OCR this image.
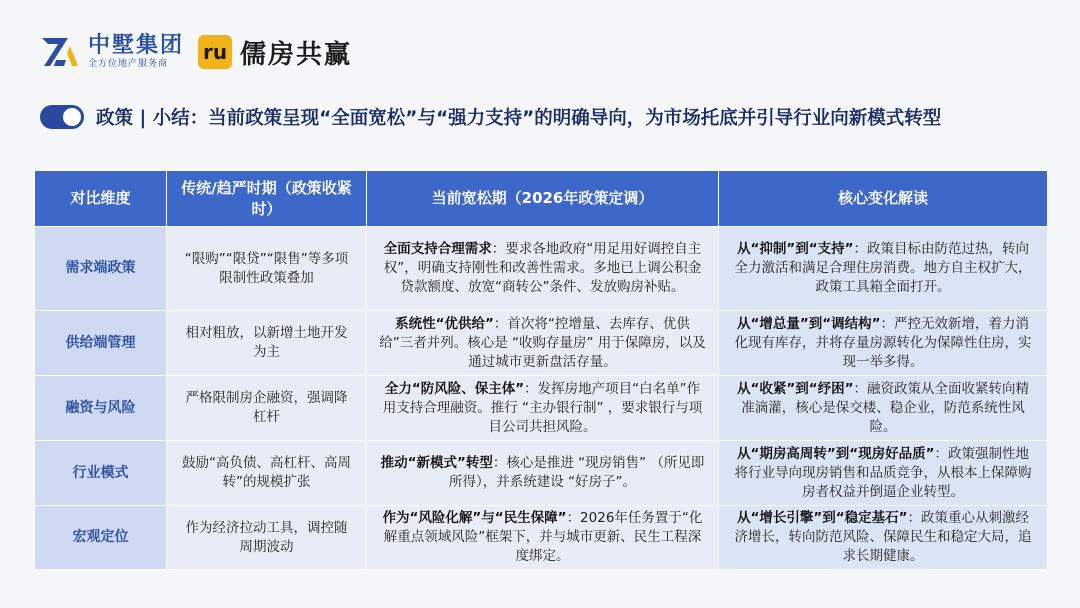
中墅集团
全方位地产服务商	ru 儒房共赢
政策 | 小结：当前政策呈现“全面宽松”与“强力支持”的明确导向，为市场托底并引导行业向新模式转型
对比维度	传统/趋严时期（政策收紧时）	当前宽松期（2026年政策定调）	核心变化解读
需求端政策	“限购”“限贷”“限售”等多项限制性政策叠加	全面支持合理需求：要求各地政府“用足用好调控自主权”，明确支持刚性和改善性需求。多地已上调公积金贷款额度、放宽“商转公”条件、发放购房补贴。	从“抑制”到“支持”：政策目标由防范过热，转向全力激活和满足合理住房消费。地方自主权扩大，政策工具箱全面打开。
供给端管理	相对粗放，以新增土地开发为主	系统性“优供给”：首次将“控增量、去库存、优供给”三者并列。核心是 “收购存量房” 用于保障房，以及通过城市更新盘活存量。	从“增总量”到“调结构”：严控无效新增，着力消化现有库存，并将存量房源转化为保障性住房，实现一举多得。
融资与风险	严格限制房企融资，强调降杠杆	全力“防风险、保主体”：发挥房地产项目“白名单”作用支持合理融资。推行 “主办银行制” ，要求银行与项目公司共担风险。	从“收紧”到“纾困”：融资政策从全面收紧转向精准滴灌，核心是保交楼、稳企业，防范系统性风险。
行业模式	鼓励“高负债、高杠杆、高周转”的规模扩张	推动“新模式”转型：核心是推进 “现房销售” （所见即所得），并系统建设 “好房子”。	从“期房高周转”到“现房好品质”：政策强制性地将行业导向现房销售和品质竞争，从根本上保障购房者权益并倒逼企业转型。
宏观定位	作为经济拉动工具，调控随周期波动	作为“风险化解”与“民生保障”：2026年任务置于“化解重点领域风险”框架下，并与城市更新、民生工程深度绑定。	从“增长引擎”到“稳定基石”：政策重心从刺激经济增长，转向防范风险、保障民生和稳定大局，追求长期健康。
